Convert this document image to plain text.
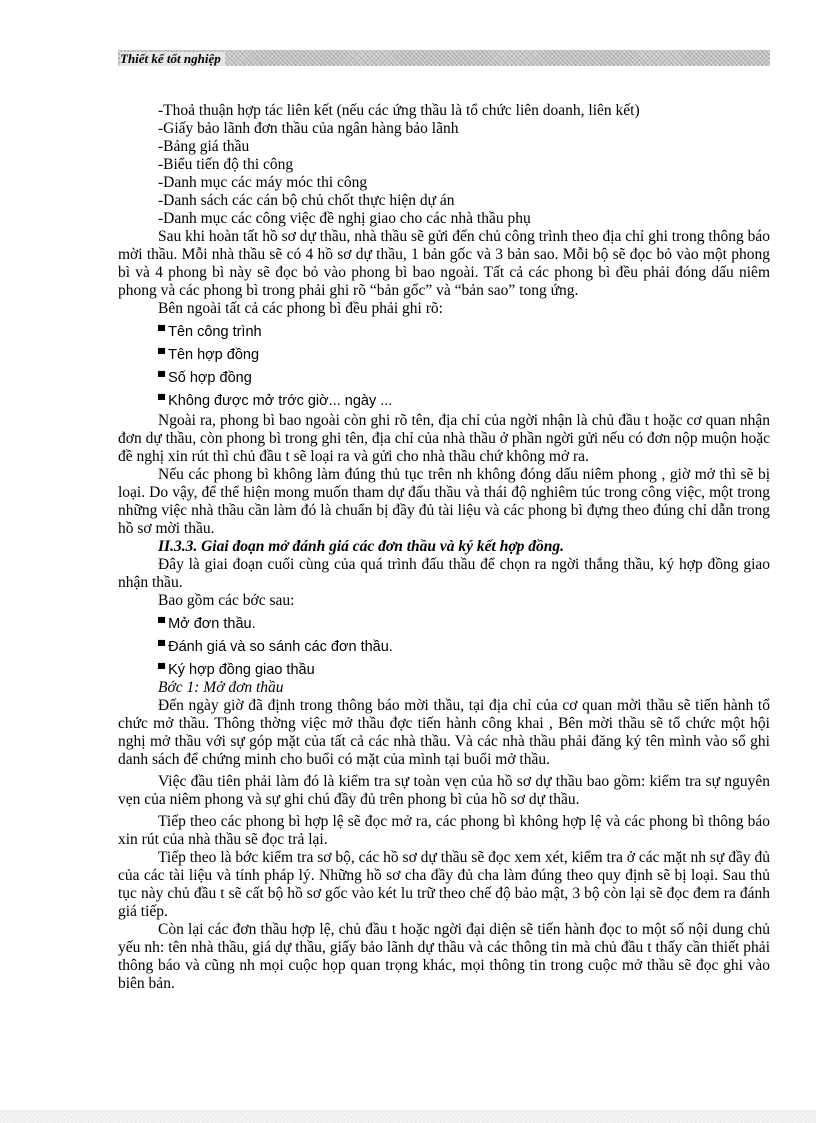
Thiết kế tốt nghiệp

-Thoả thuận hợp tác liên kết (nếu các ứng thầu là tổ chức liên doanh, liên kết)

-Giấy bảo lãnh đơn thầu của ngân hàng bảo lãnh

-Bảng giá thầu

-Biểu tiến độ thi công

-Danh mục các máy móc thi công

-Danh sách các cán bộ chủ chốt thực hiện dự án

-Danh mục các công việc đề nghị giao cho các nhà thầu phụ

Sau khi hoàn tất hồ sơ dự thầu, nhà thầu sẽ gửi đến chủ công trình theo địa chỉ ghi trong thông báo mời thầu. Mỗi nhà thầu sẽ có 4 hồ sơ dự thầu, 1 bản gốc và 3 bản sao. Mỗi bộ sẽ đọc bỏ vào một phong bì và 4 phong bì này sẽ đọc bỏ vào phong bì bao ngoài. Tất cả các phong bì đều phải đóng dấu niêm phong và các phong bì trong phải ghi rõ “bản gốc” và “bản sao” tong ứng.

Bên ngoài tất cả các phong bì đều phải ghi rõ:

▀ Tên công trình

▀ Tên hợp đồng

▀ Số hợp đồng

▀ Không được mở trớc giờ... ngày ...

Ngoài ra, phong bì bao ngoài còn ghi rõ tên, địa chỉ của ngời nhận là chủ đầu t hoặc cơ quan nhận đơn dự thầu, còn phong bì trong ghi tên, địa chỉ của nhà thầu ở phần ngời gửi nếu có đơn nộp muộn hoặc đề nghị xin rút thì chủ đầu t sẽ loại ra và gửi cho nhà thầu chứ không mở ra.

Nếu các phong bì không làm đúng thủ tục trên nh không đóng dấu niêm phong , giờ mở thì sẽ bị loại. Do vậy, để thể hiện mong muốn tham dự đấu thầu và thái độ nghiêm túc trong công việc, một trong những việc nhà thầu cần làm đó là chuẩn bị đầy đủ tài liệu và các phong bì đựng theo đúng chỉ dẫn trong hồ sơ mời thầu.

II.3.3. Giai đoạn mở đánh giá các đơn thầu và ký kết hợp đồng.

Đây là giai đoạn cuối cùng của quá trình đấu thầu để chọn ra ngời thắng thầu, ký hợp đồng giao nhận thầu.

Bao gồm các bớc sau:

▀ Mở đơn thầu.

▀ Đánh giá và so sánh các đơn thầu.

▀ Ký hợp đồng giao thầu

Bớc 1: Mở đơn thầu

Đến ngày giờ đã định trong thông báo mời thầu, tại địa chỉ của cơ quan mời thầu sẽ tiến hành tổ chức mở thầu. Thông thờng việc mở thầu đợc tiến hành công khai , Bên mời thầu sẽ tổ chức một hội nghị mở thầu với sự góp mặt của tất cả các nhà thầu. Và các nhà thầu phải đăng ký tên mình vào sổ ghi danh sách để chứng minh cho buổi có mặt của mình tại buổi mở thầu.

Việc đầu tiên phải làm đó là kiểm tra sự toàn vẹn của hồ sơ dự thầu bao gồm: kiểm tra sự nguyên vẹn của niêm phong và sự ghi chú đầy đủ trên phong bì của hồ sơ dự thầu.

Tiếp theo các phong bì hợp lệ sẽ đọc mở ra, các phong bì không hợp lệ và các phong bì thông báo xin rút của nhà thầu sẽ đọc trả lại.

Tiếp theo là bớc kiểm tra sơ bộ, các hồ sơ dự thầu sẽ đọc xem xét, kiểm tra ở các mặt nh sự đầy đủ của các tài liệu và tính pháp lý. Những hồ sơ cha đầy đủ cha làm đúng theo quy định sẽ bị loại. Sau thủ tục này chủ đầu t sẽ cất bộ hồ sơ gốc vào két lu trữ theo chế độ bảo mật, 3 bộ còn lại sẽ đọc đem ra đánh giá tiếp.

Còn lại các đơn thầu hợp lệ, chủ đầu t hoặc ngời đại diện sẽ tiến hành đọc to một số nội dung chủ yếu nh: tên nhà thầu, giá dự thầu, giấy bảo lãnh dự thầu và các thông tin mà chủ đầu t thấy cần thiết phải thông báo và cũng nh mọi cuộc họp quan trọng khác, mọi thông tin trong cuộc mở thầu sẽ đọc ghi vào biên bản.
